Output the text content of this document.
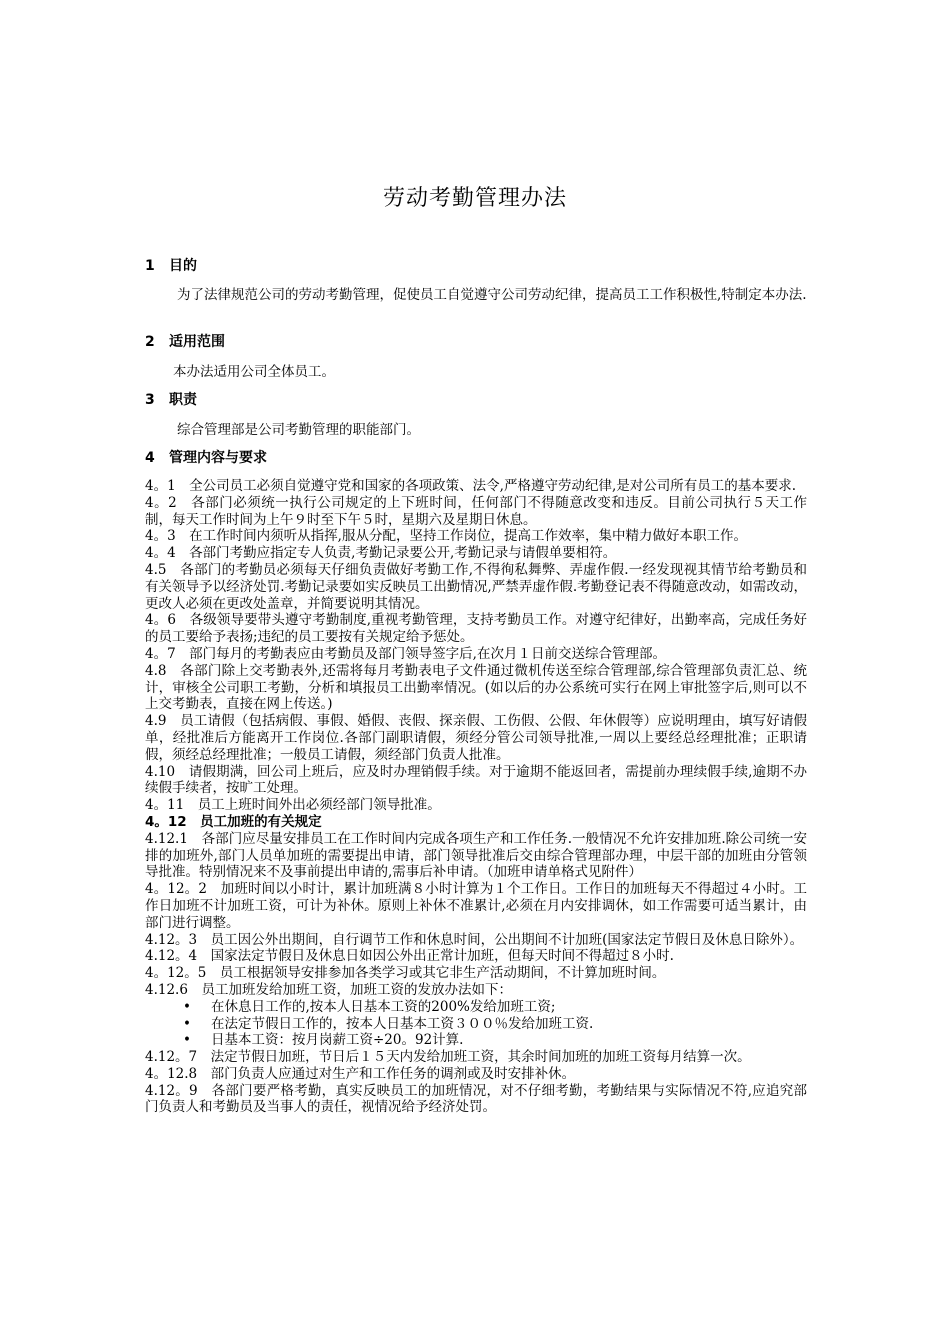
劳动考勤管理办法
1 目的
为了法律规范公司的劳动考勤管理，促使员工自觉遵守公司劳动纪律，提高员工工作积极性,特制定本办法.
2 适用范围
本办法适用公司全体员工。
3 职责
综合管理部是公司考勤管理的职能部门。
4 管理内容与要求
4。1　全公司员工必须自觉遵守党和国家的各项政策、法令,严格遵守劳动纪律,是对公司所有员工的基本要求.
4。2　各部门必须统一执行公司规定的上下班时间，任何部门不得随意改变和违反。目前公司执行５天工作制，每天工作时间为上午９时至下午５时，星期六及星期日休息。
4。3　在工作时间内须听从指挥,服从分配，坚持工作岗位，提高工作效率，集中精力做好本职工作。
4。4　各部门考勤应指定专人负责,考勤记录要公开,考勤记录与请假单要相符。
4.5　各部门的考勤员必须每天仔细负责做好考勤工作,不得徇私舞弊、弄虚作假.一经发现视其情节给考勤员和有关领导予以经济处罚.考勤记录要如实反映员工出勤情况,严禁弄虚作假.考勤登记表不得随意改动，如需改动，更改人必须在更改处盖章，并简要说明其情况。
4。6　各级领导要带头遵守考勤制度,重视考勤管理，支持考勤员工作。对遵守纪律好，出勤率高，完成任务好的员工要给予表扬;违纪的员工要按有关规定给予惩处。
4。7　部门每月的考勤表应由考勤员及部门领导签字后,在次月１日前交送综合管理部。
4.8　各部门除上交考勤表外,还需将每月考勤表电子文件通过微机传送至综合管理部,综合管理部负责汇总、统计，审核全公司职工考勤，分析和填报员工出勤率情况。(如以后的办公系统可实行在网上审批签字后,则可以不上交考勤表，直接在网上传送。)
4.9　员工请假（包括病假、事假、婚假、丧假、探亲假、工伤假、公假、年休假等）应说明理由，填写好请假单，经批准后方能离开工作岗位.各部门副职请假，须经分管公司领导批准,一周以上要经总经理批准；正职请假，须经总经理批准；一般员工请假，须经部门负责人批准。
4.10　请假期满，回公司上班后，应及时办理销假手续。对于逾期不能返回者，需提前办理续假手续,逾期不办续假手续者，按旷工处理。
4。11　员工上班时间外出必须经部门领导批准。
4。12　员工加班的有关规定
4.12.1　各部门应尽量安排员工在工作时间内完成各项生产和工作任务.一般情况不允许安排加班.除公司统一安排的加班外,部门人员单加班的需要提出申请，部门领导批准后交由综合管理部办理，中层干部的加班由分管领导批准。特别情况来不及事前提出申请的,需事后补申请。（加班申请单格式见附件）
4。12。2　加班时间以小时计，累计加班满８小时计算为１个工作日。工作日的加班每天不得超过４小时。工作日加班不计加班工资，可计为补休。原则上补休不准累计,必须在月内安排调休，如工作需要可适当累计，由部门进行调整。
4.12。3　员工因公外出期间，自行调节工作和休息时间，公出期间不计加班(国家法定节假日及休息日除外）。
4.12。4　国家法定节假日及休息日如因公外出正常计加班，但每天时间不得超过８小时.
4。12。5　员工根据领导安排参加各类学习或其它非生产活动期间，不计算加班时间。
4.12.6　员工加班发给加班工资，加班工资的发放办法如下：
• 在休息日工作的,按本人日基本工资的200%发给加班工资;
• 在法定节假日工作的，按本人日基本工资３００％发给加班工资.
• 日基本工资：按月岗薪工资÷20。92计算.
4.12。7　法定节假日加班，节日后１５天内发给加班工资，其余时间加班的加班工资每月结算一次。
4。12.8　部门负责人应通过对生产和工作任务的调剂或及时安排补休。
4.12。9　各部门要严格考勤，真实反映员工的加班情况，对不仔细考勤，考勤结果与实际情况不符,应追究部门负责人和考勤员及当事人的责任，视情况给予经济处罚。
